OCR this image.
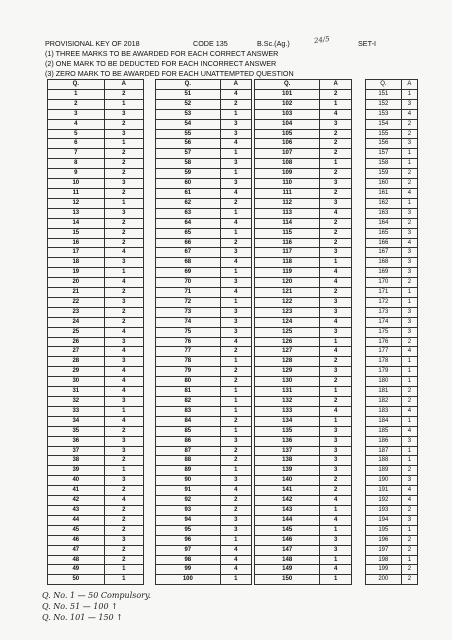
PROVISIONAL KEY OF 2018	CODE 135	B.Sc.(Ag.)	SET-I
(1) THREE MARKS TO BE AWARDED FOR EACH CORRECT ANSWER
(2) ONE MARK TO BE DEDUCTED FOR EACH INCORRECT ANSWER
(3) ZERO MARK TO BE AWARDED FOR EACH UNATTEMPTED QUESTION
24/5
Q.	A
1	2
2	1
3	3
4	2
5	3
6	1
7	2
8	2
9	2
10	3
11	2
12	1
13	3
14	2
15	2
16	2
17	4
18	3
19	1
20	4
21	2
22	3
23	2
24	2
25	4
26	3
27	4
28	3
29	4
30	4
31	4
32	3
33	1
34	4
35	2
36	3
37	3
38	2
39	1
40	3
41	2
42	4
43	2
44	2
45	2
46	3
47	2
48	2
49	1
50	1
Q.	A
51	4
52	2
53	1
54	3
55	3
56	4
57	1
58	3
59	1
60	3
61	4
62	2
63	1
64	4
65	1
66	2
67	3
68	4
69	1
70	3
71	4
72	1
73	3
74	3
75	3
76	4
77	2
78	1
79	2
80	2
81	1
82	1
83	1
84	2
85	1
86	3
87	2
88	2
89	1
90	3
91	4
92	2
93	2
94	3
95	3
96	1
97	4
98	4
99	4
100	1
Q.	A
101	2
102	1
103	4
104	3
105	2
106	2
107	2
108	1
109	2
110	3
111	2
112	3
113	4
114	2
115	2
116	2
117	3
118	1
119	4
120	4
121	2
122	3
123	3
124	4
125	3
126	1
127	4
128	2
129	3
130	2
131	1
132	2
133	4
134	1
135	3
136	3
137	3
138	3
139	3
140	2
141	2
142	4
143	1
144	4
145	1
146	3
147	3
148	1
149	4
150	1
Q.	A
151	1
152	3
153	4
154	2
155	2
156	3
157	1
158	1
159	2
160	2
161	4
162	1
163	3
164	2
165	3
166	4
167	3
168	3
169	3
170	2
171	1
172	1
173	3
174	3
175	3
176	2
177	4
178	1
179	1
180	1
181	2
182	2
183	4
184	1
185	4
186	3
187	1
188	1
189	2
190	3
191	4
192	4
193	2
194	3
195	1
196	2
197	2
198	1
199	2
200	2
Q. No. 1 — 50 Compulsory.
Q. No. 51 — 100 ↑
Q. No. 101 — 150 ↑
